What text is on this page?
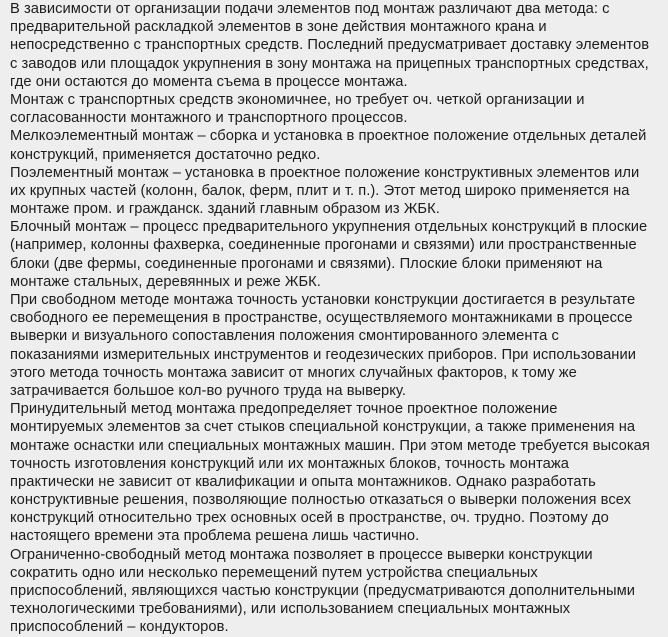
В зависимости от организации подачи элементов под монтаж различают два метода: с
предварительной раскладкой элементов в зоне действия монтажного крана и
непосредственно с транспортных средств. Последний предусматривает доставку элементов
с заводов или площадок укрупнения в зону монтажа на прицепных транспортных средствах,
где они остаются до момента съема в процессе монтажа.
Монтаж с транспортных средств экономичнее, но требует оч. четкой организации и
согласованности монтажного и транспортного процессов.
Мелкоэлементный монтаж – сборка и установка в проектное положение отдельных деталей
конструкций, применяется достаточно редко.
Поэлементный монтаж – установка в проектное положение конструктивных элементов или
их крупных частей (колонн, балок, ферм, плит и т. п.). Этот метод широко применяется на
монтаже пром. и гражданск. зданий главным образом из ЖБК.
Блочный монтаж – процесс предварительного укрупнения отдельных конструкций в плоские
(например, колонны фахверка, соединенные прогонами и связями) или пространственные
блоки (две фермы, соединенные прогонами и связями). Плоские блоки применяют на
монтаже стальных, деревянных и реже ЖБК.
При свободном методе монтажа точность установки конструкции достигается в результате
свободного ее перемещения в пространстве, осуществляемого монтажниками в процессе
выверки и визуального сопоставления положения смонтированного элемента с
показаниями измерительных инструментов и геодезических приборов. При использовании
этого метода точность монтажа зависит от многих случайных факторов, к тому же
затрачивается большое кол-во ручного труда на выверку.
Принудительный метод монтажа предопределяет точное проектное положение
монтируемых элементов за счет стыков специальной конструкции, а также применения на
монтаже оснастки или специальных монтажных машин. При этом методе требуется высокая
точность изготовления конструкций или их монтажных блоков, точность монтажа
практически не зависит от квалификации и опыта монтажников. Однако разработать
конструктивные решения, позволяющие полностью отказаться о выверки положения всех
конструкций относительно трех основных осей в пространстве, оч. трудно. Поэтому до
настоящего времени эта проблема решена лишь частично.
Ограниченно-свободный метод монтажа позволяет в процессе выверки конструкции
сократить одно или несколько перемещений путем устройства специальных
приспособлений, являющихся частью конструкции (предусматриваются дополнительными
технологическими требованиями), или использованием специальных монтажных
приспособлений – кондукторов.
